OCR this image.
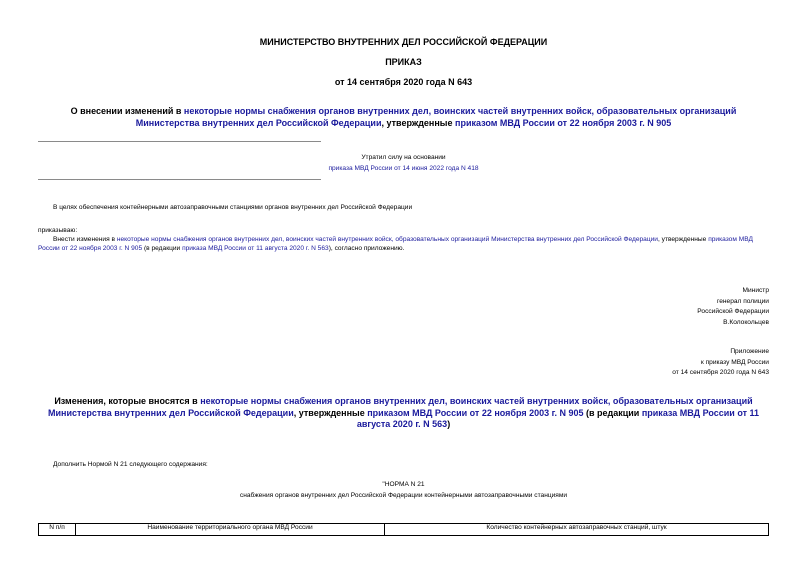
МИНИСТЕРСТВО ВНУТРЕННИХ ДЕЛ РОССИЙСКОЙ ФЕДЕРАЦИИ
ПРИКАЗ
от 14 сентября 2020 года N 643
О внесении изменений в некоторые нормы снабжения органов внутренних дел, воинских частей внутренних войск, образовательных организаций Министерства внутренних дел Российской Федерации, утвержденные приказом МВД России от 22 ноября 2003 г. N 905
Утратил силу на основании
приказа МВД России от 14 июня 2022 года N 418
В целях обеспечения контейнерными автозаправочными станциями органов внутренних дел Российской Федерации
приказываю:
Внести изменения в некоторые нормы снабжения органов внутренних дел, воинских частей внутренних войск, образовательных организаций Министерства внутренних дел Российской Федерации, утвержденные приказом МВД России от 22 ноября 2003 г. N 905 (в редакции приказа МВД России от 11 августа 2020 г. N 563), согласно приложению.
Министр
генерал полиции
Российской Федерации
В.Колокольцев
Приложение
к приказу МВД России
от 14 сентября 2020 года N 643
Изменения, которые вносятся в некоторые нормы снабжения органов внутренних дел, воинских частей внутренних войск, образовательных организаций Министерства внутренних дел Российской Федерации, утвержденные приказом МВД России от 22 ноября 2003 г. N 905 (в редакции приказа МВД России от 11 августа 2020 г. N 563)
Дополнить Нормой N 21 следующего содержания:
"НОРМА N 21
снабжения органов внутренних дел Российской Федерации контейнерными автозаправочными станциями
N п/п	Наименование территориального органа МВД России	Количество контейнерных автозаправочных станций, штук
